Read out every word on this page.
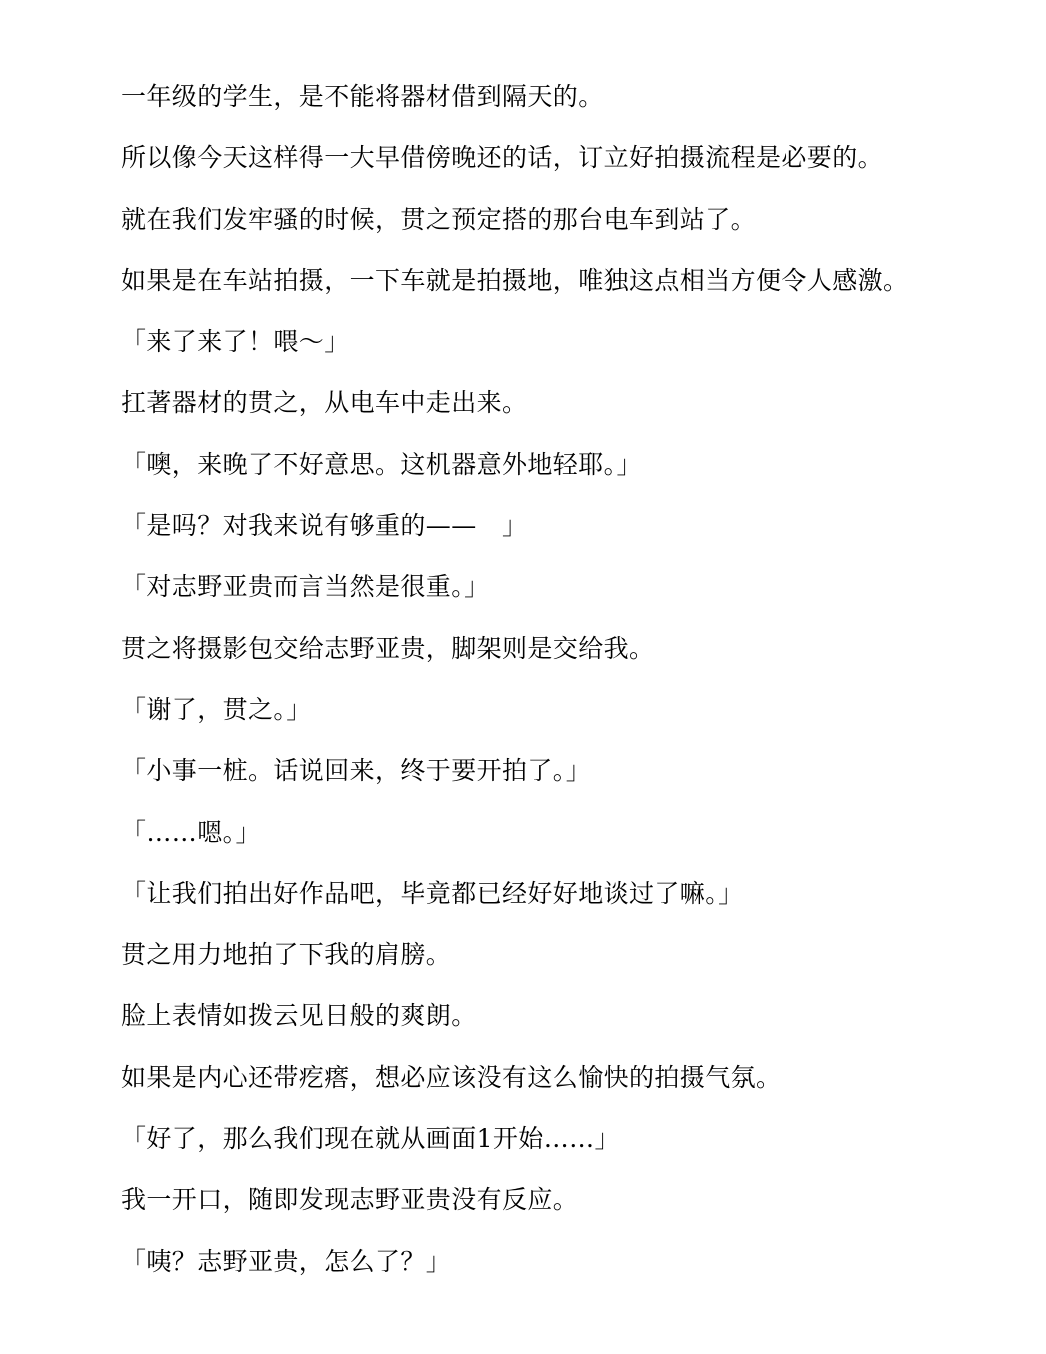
一年级的学生，是不能将器材借到隔天的。
所以像今天这样得一大早借傍晚还的话，订立好拍摄流程是必要的。
就在我们发牢骚的时候，贯之预定搭的那台电车到站了。
如果是在车站拍摄，一下车就是拍摄地，唯独这点相当方便令人感激。
「来了来了！喂～」
扛著器材的贯之，从电车中走出来。
「噢，来晚了不好意思。这机器意外地轻耶。」
「是吗？对我来说有够重的——　」
「对志野亚贵而言当然是很重。」
贯之将摄影包交给志野亚贵，脚架则是交给我。
「谢了，贯之。」
「小事一桩。话说回来，终于要开拍了。」
「……嗯。」
「让我们拍出好作品吧，毕竟都已经好好地谈过了嘛。」
贯之用力地拍了下我的肩膀。
脸上表情如拨云见日般的爽朗。
如果是内心还带疙瘩，想必应该没有这么愉快的拍摄气氛。
「好了，那么我们现在就从画面1开始……」
我一开口，随即发现志野亚贵没有反应。
「咦？志野亚贵，怎么了？」
